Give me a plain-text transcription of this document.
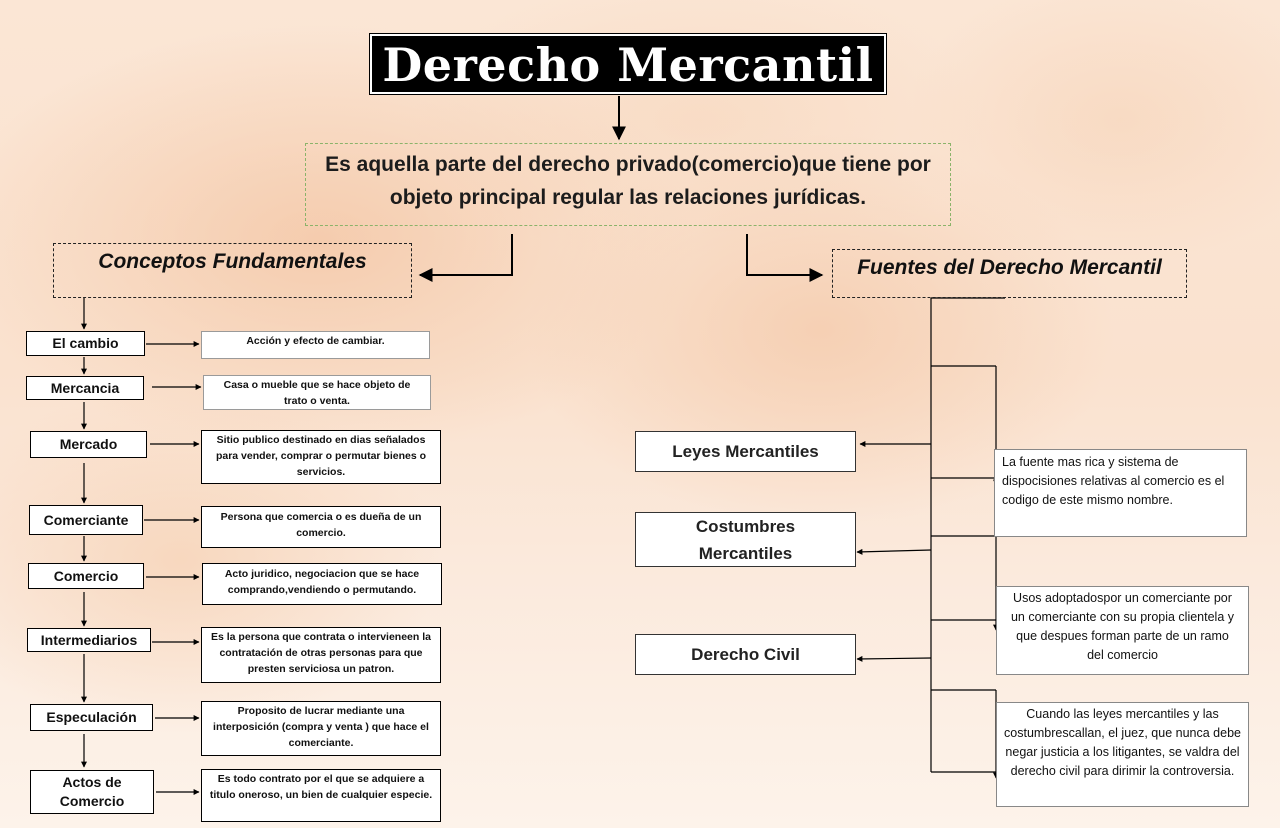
Derecho Mercantil
Es aquella parte del derecho privado(comercio)que tiene por objeto principal regular las relaciones jurídicas.
Conceptos Fundamentales	Fuentes del Derecho Mercantil
El cambio
Mercancia
Mercado
Comerciante
Comercio
Intermediarios
Especulación
Actos de Comercio
Acción y efecto de cambiar.
Casa o mueble que se hace objeto de trato o venta.
Sitio publico destinado en dias señalados para vender, comprar o permutar bienes o servicios.
Persona que comercia o es dueña de un comercio.
Acto juridico, negociacion que se hace comprando,vendiendo o permutando.
Es la persona que contrata o intervieneen la contratación de otras personas para que presten serviciosa un patron.
Proposito de lucrar mediante una interposición (compra y venta ) que hace el comerciante.
Es todo contrato por el que se adquiere a titulo oneroso, un bien de cualquier especie.
Leyes Mercantiles
Costumbres Mercantiles
Derecho Civil
La fuente mas rica y sistema de dispocisiones relativas al comercio es el codigo de este mismo nombre.
Usos adoptadospor un comerciante por un comerciante con su propia clientela y que despues forman parte de un ramo del comercio
Cuando las leyes mercantiles y las costumbrescallan, el juez, que nunca debe negar justicia a los litigantes, se valdra del derecho civil para dirimir la controversia.
